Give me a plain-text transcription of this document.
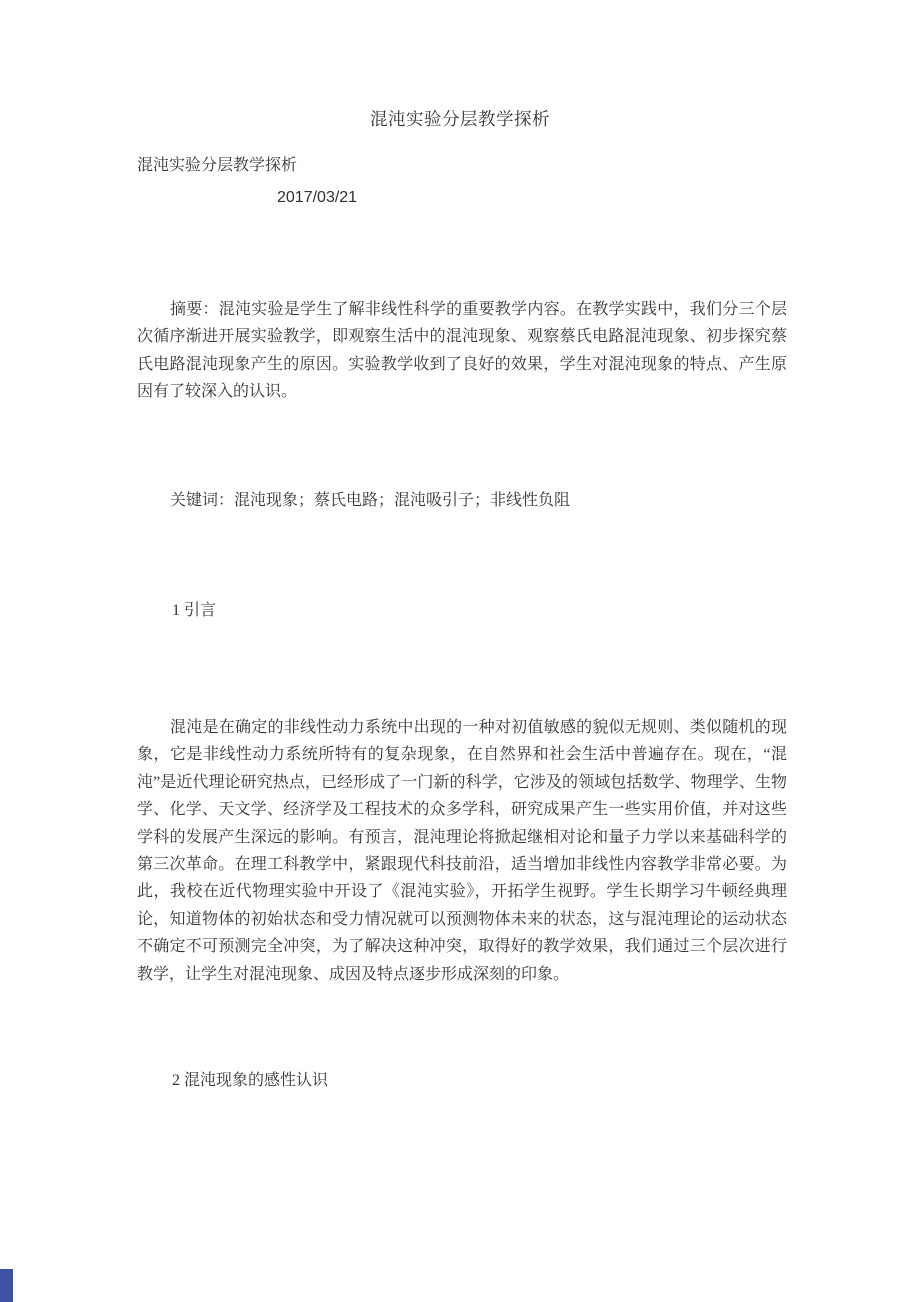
混沌实验分层教学探析

混沌实验分层教学探析

2017/03/21

摘要：混沌实验是学生了解非线性科学的重要教学内容。在教学实践中，我们分三个层次循序渐进开展实验教学，即观察生活中的混沌现象、观察蔡氏电路混沌现象、初步探究蔡氏电路混沌现象产生的原因。实验教学收到了良好的效果，学生对混沌现象的特点、产生原因有了较深入的认识。

关键词：混沌现象；蔡氏电路；混沌吸引子；非线性负阻

1 引言

混沌是在确定的非线性动力系统中出现的一种对初值敏感的貌似无规则、类似随机的现象，它是非线性动力系统所特有的复杂现象，在自然界和社会生活中普遍存在。现在，“混沌”是近代理论研究热点，已经形成了一门新的科学，它涉及的领域包括数学、物理学、生物学、化学、天文学、经济学及工程技术的众多学科，研究成果产生一些实用价值，并对这些学科的发展产生深远的影响。有预言，混沌理论将掀起继相对论和量子力学以来基础科学的第三次革命。在理工科教学中，紧跟现代科技前沿，适当增加非线性内容教学非常必要。为此，我校在近代物理实验中开设了《混沌实验》，开拓学生视野。学生长期学习牛顿经典理论，知道物体的初始状态和受力情况就可以预测物体未来的状态，这与混沌理论的运动状态不确定不可预测完全冲突，为了解决这种冲突，取得好的教学效果，我们通过三个层次进行教学，让学生对混沌现象、成因及特点逐步形成深刻的印象。

2 混沌现象的感性认识
